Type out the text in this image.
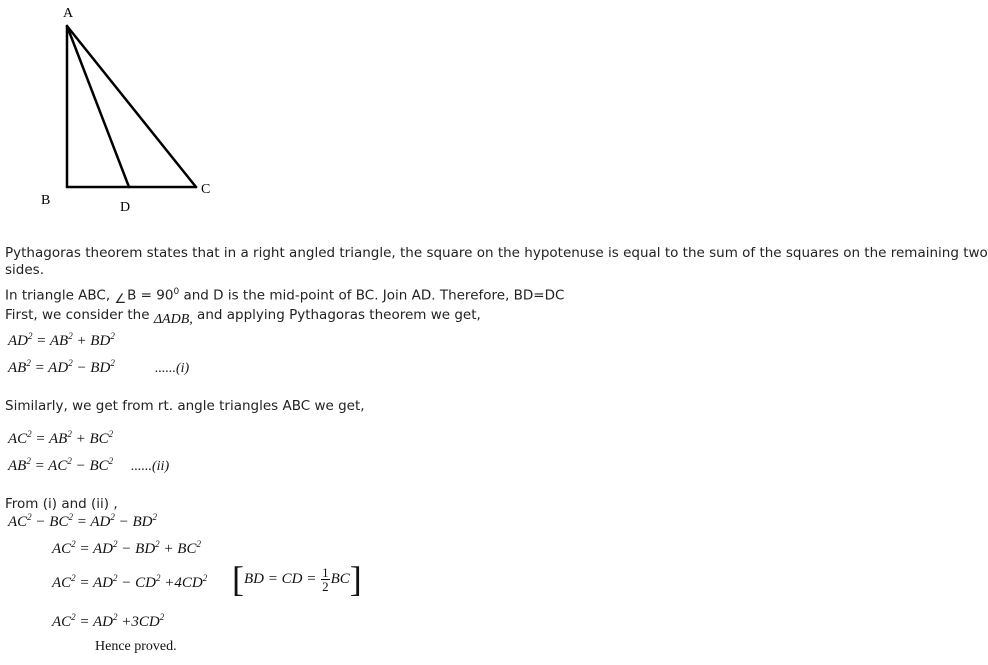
A
B
C
D
Pythagoras theorem states that in a right angled triangle, the square on the hypotenuse is equal to the sum of the squares on the remaining two
sides.
In triangle ABC, ∠B = $90^0$ and D is the mid-point of BC. Join AD. Therefore, BD=DC
First, we consider the ΔADB, and applying Pythagoras theorem we get,
$AD^2 = AB^2 + BD^2$
$AB^2 = AD^2 - BD^2$	......(i)
Similarly, we get from rt. angle triangles ABC we get,
$AC^2 = AB^2 + BC^2$
$AB^2 = AC^2 - BC^2$ ......(ii)
From (i) and (ii) ,
$AC^2 - BC^2 = AD^2 - BD^2$
$AC^2 = AD^2 - BD^2 + BC^2$
$AC^2 = AD^2 - CD^2 +4CD^2$ [BD = CD = $\frac{1}{2} BC$]
$AC^2 = AD^2 +3CD^2$
Hence proved.
